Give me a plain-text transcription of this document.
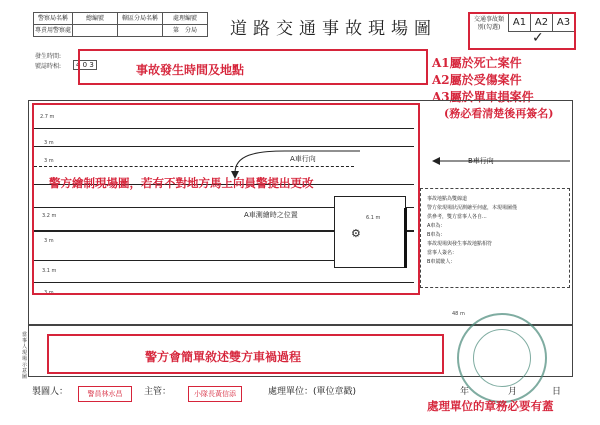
警察局名稱	總編號	轄區分局名稱	處理編號
專責用警察處			第　分局 道路交通事故現場圖	交通事故類別(勾選)	A1 A2 A3
✓
發生時間:
號誌時相:	4 0 3	事故發生時間及地點	A1屬於死亡案件
A2屬於受傷案件
A3屬於單車損案件
(務必看清楚後再簽名)
2.7 m
3 m
3 m
3.2 m
3 m
3.1 m
3 m
A車行向	B車行向
A車測繪時之位置
⚙
6.1 m
48 m
警方繪制現場圖，若有不對地方馬上向員警提出更改
事故地點為雙線道
警方依現場狀況測繪至何處，本現場圖僅
供參考，雙方當事人各自...
A車為：
B車為：
事故現場與發生事故地點相符
當事人簽名：
B車駕駛人：
當事人現場示意圖
警方會簡單敘述雙方車禍過程
製圖人：	警員林水昌	主管：	小隊長黃信添	處理單位：(單位章戳)	年	月	日
處理單位的章務必要有蓋
